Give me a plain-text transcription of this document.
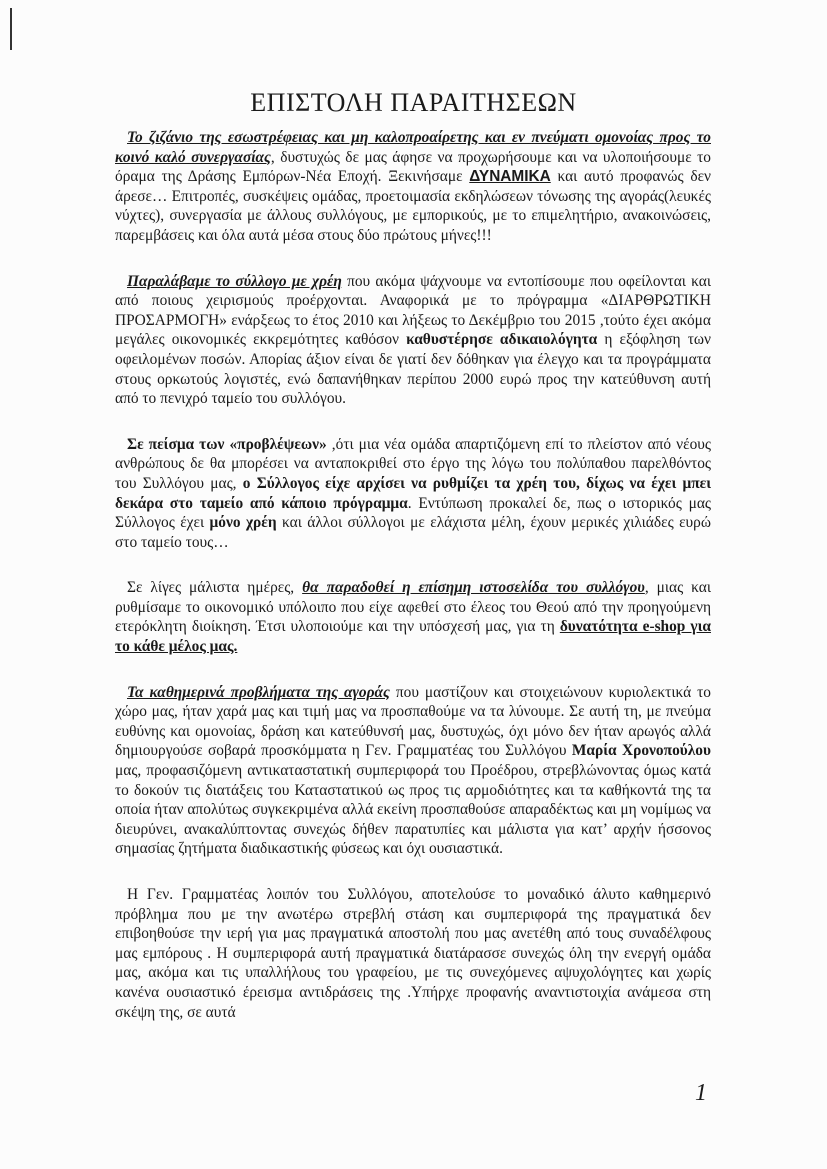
ΕΠΙΣΤΟΛΗ ΠΑΡΑΙΤΗΣΕΩΝ

Το ζιζάνιο της εσωστρέφειας και μη καλοπροαίρετης και εν πνεύματι ομονοίας προς το κοινό καλό συνεργασίας, δυστυχώς δε μας άφησε να προχωρήσουμε και να υλοποιήσουμε το όραμα της Δράσης Εμπόρων-Νέα Εποχή. Ξεκινήσαμε ΔΥΝΑΜΙΚΑ και αυτό προφανώς δεν άρεσε… Επιτροπές, συσκέψεις ομάδας, προετοιμασία εκδηλώσεων τόνωσης της αγοράς(λευκές νύχτες), συνεργασία με άλλους συλλόγους, με εμπορικούς, με το επιμελητήριο, ανακοινώσεις, παρεμβάσεις και όλα αυτά μέσα στους δύο πρώτους μήνες!!!

Παραλάβαμε το σύλλογο με χρέη που ακόμα ψάχνουμε να εντοπίσουμε που οφείλονται και από ποιους χειρισμούς προέρχονται. Αναφορικά με το πρόγραμμα «ΔΙΑΡΘΡΩΤΙΚΗ ΠΡΟΣΑΡΜΟΓΗ» ενάρξεως το έτος 2010 και λήξεως το Δεκέμβριο του 2015 ,τούτο έχει ακόμα μεγάλες οικονομικές εκκρεμότητες καθόσον καθυστέρησε αδικαιολόγητα η εξόφληση των οφειλομένων ποσών. Απορίας άξιον είναι δε γιατί δεν δόθηκαν για έλεγχο και τα προγράμματα στους ορκωτούς λογιστές, ενώ δαπανήθηκαν περίπου 2000 ευρώ προς την κατεύθυνση αυτή από το πενιχρό ταμείο του συλλόγου.

Σε πείσμα των «προβλέψεων» ,ότι μια νέα ομάδα απαρτιζόμενη επί το πλείστον από νέους ανθρώπους δε θα μπορέσει να ανταποκριθεί στο έργο της λόγω του πολύπαθου παρελθόντος του Συλλόγου μας, ο Σύλλογος είχε αρχίσει να ρυθμίζει τα χρέη του, δίχως να έχει μπει δεκάρα στο ταμείο από κάποιο πρόγραμμα. Εντύπωση προκαλεί δε, πως ο ιστορικός μας Σύλλογος έχει μόνο χρέη και άλλοι σύλλογοι με ελάχιστα μέλη, έχουν μερικές χιλιάδες ευρώ στο ταμείο τους…

Σε λίγες μάλιστα ημέρες, θα παραδοθεί η επίσημη ιστοσελίδα του συλλόγου, μιας και ρυθμίσαμε το οικονομικό υπόλοιπο που είχε αφεθεί στο έλεος του Θεού από την προηγούμενη ετερόκλητη διοίκηση. Έτσι υλοποιούμε και την υπόσχεσή μας, για τη δυνατότητα e-shop για το κάθε μέλος μας.

Τα καθημερινά προβλήματα της αγοράς που μαστίζουν και στοιχειώνουν κυριολεκτικά το χώρο μας, ήταν χαρά μας και τιμή μας να προσπαθούμε να τα λύνουμε. Σε αυτή τη, με πνεύμα ευθύνης και ομονοίας, δράση και κατεύθυνσή μας, δυστυχώς, όχι μόνο δεν ήταν αρωγός αλλά δημιουργούσε σοβαρά προσκόμματα η Γεν. Γραμματέας του Συλλόγου Μαρία Χρονοπούλου μας, προφασιζόμενη αντικαταστατική συμπεριφορά του Προέδρου, στρεβλώνοντας όμως κατά το δοκούν τις διατάξεις του Καταστατικού ως προς τις αρμοδιότητες και τα καθήκοντά της τα οποία ήταν απολύτως συγκεκριμένα αλλά εκείνη προσπαθούσε απαραδέκτως και μη νομίμως να διευρύνει, ανακαλύπτοντας συνεχώς δήθεν παρατυπίες και μάλιστα για κατ’ αρχήν ήσσονος σημασίας ζητήματα διαδικαστικής φύσεως και όχι ουσιαστικά.

Η Γεν. Γραμματέας λοιπόν του Συλλόγου, αποτελούσε το μοναδικό άλυτο καθημερινό πρόβλημα που με την ανωτέρω στρεβλή στάση και συμπεριφορά της πραγματικά δεν επιβοηθούσε την ιερή για μας πραγματικά αποστολή που μας ανετέθη από τους συναδέλφους μας εμπόρους . Η συμπεριφορά αυτή πραγματικά διατάρασσε συνεχώς όλη την ενεργή ομάδα μας, ακόμα και τις υπαλλήλους του γραφείου, με τις συνεχόμενες αψυχολόγητες και χωρίς κανένα ουσιαστικό έρεισμα αντιδράσεις της .Υπήρχε προφανής αναντιστοιχία ανάμεσα στη σκέψη της, σε αυτά

1
